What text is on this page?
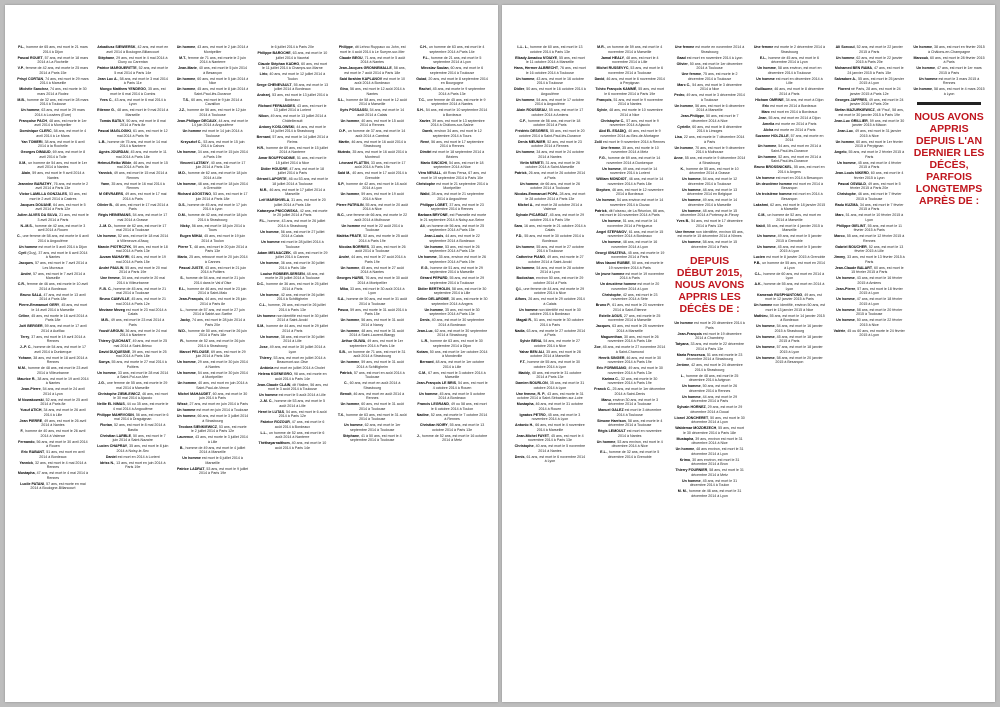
P.L., homme de 65 ans, est mort le 21 mars 2014 à Dijon
Pascal ROUET, 57 ans, est mort le 18 mars 2014 à La Rochelle
V.P., femme de 42 ans, est morte le 25 mars 2014 à Paris 15e
Prisyl CORTAN, 74 ans, est mort le 29 mars 2014 à Marseille
Michèle Sanchez, 74 ans, est morte le 30 mars 2014 à Rodez
M.B., homme de 32 ans, est mort le 28 mars 2014 à Toulouse
Un homme, 63 ans, est mort le 29 mars 2014 à Louviers (Eure)
Françoise PACH, 48 ans, est morte le 1er avril 2014 à Montpellier
Dominique CLERC, 58 ans, est mort le 4 avril 2014 à Le Mans
Yan TOMERI, 38 ans, est mort le 6 avril 2014 à la Rochelle
Georges DIMAUD, 69 ans, est mort le 8 avril 2014 à Tulle
X.M., un homme de 54 ans, est mort le 1er avril 2014 à Nantes
Alain, 59 ans, est mort le 9 avril 2014 à Nantes
Jeannine BARATHY, 76 ans, est morte le 2 avril 2014 à Paris 13e
Victor LAMILLA GONZALES, 53 ans, est mort le 2 avril 2014 à Castres
Jacques DOUANE, 64 ans, est mort le 5 avril 2014 à Paris 12e
Julien ALVES DA SILVA, 21 ans, est mort le 3 avril 2014 à Paris
N.-M.S., homme de 42 ans, est mort le 3 avril 2014 à Rouen
C., une femme de 58 ans, est morte le 6 avril 2014 à Angoulême
Un homme est mort le 5 avril 2014 à Dijon
Cyril (Guy), 37 ans, est mort le 6 avril 2014 à Nantes
Jacques, 57 ans, est mort le 7 avril 2014 à Les Mureaux
André, 57 ans, est mort le 7 avril 2014 à Marseille
C.R., femme de 46 ans, est morte le 10 avril 2014 à Bordeaux
Bruno SALA, 47 ans, est mort le 13 avril 2014 à Paris 18e
Pierre-Emmanuel GERY, 45 ans, est mort le 14 avril 2014 à Marseille
Céline, 45 ans, est morte le 16 avril 2014 à Paris 18e
Joël BERGER, 59 ans, est mort le 17 avril 2014 à Aurillac
Terry, 37 ans, est mort le 19 avril 2014 à Rennes
J.-P. C., homme de 54 ans, est mort le 17 avril 2014 à Dunkerque
Yohann, 38 ans, est mort le 18 avril 2014 à Rennes
M.M., homme de 48 ans, est mort le 23 avril 2014 à Villeurbanne
Maurice R., 38 ans, est mort le 19 avril 2014 à Nantes
Jean-Pierre, 54 ans, est mort le 24 avril 2014 à Lyon
M Nowakowski, 52 ans, est mort le 25 avril 2014 à Paris 8e
Yusuf ATICH, 34 ans, est mort le 26 avril 2014 à Lille
Jean PIERRE, 49 ans, est mort le 26 avril 2014 à Nantes
F., homme de 40 ans, est mort le 26 avril 2014 à Valence
Fernando, 56 ans, est mort le 30 avril 2014 à Rouen
Eric RABANT, 51 ans, est mort en avril 2014 à Bordeaux
Yannick, 32 ans, est mort le 4 mai 2014 à Rennes
Mustapha, 47 ans, est mort le 4 mai 2014 à Rennes
Lucile PATANI, 57 ans, est morte en mai 2014 à Boulogne-Billancourt
Arkadiusz SIEWIERSK, 42 ans, est mort en avril 2014 à Boulogne-Billancourt
Stéphane, 29 ans, est mort le 4 mai 2014 à Cluny ou Carentan
Patrice MARGUERITTE, 52 ans, est mort le 5 mai 2014 à Paris 14e
Jean Luc A., 58 ans, est mort le 3 mai 2014 à Paris 11e
Mongo Matthew YENDEGO, 35 ans, est mort le 6 mai 2014 à Combs
Yves C., 43 ans, est mort le 6 mai 2014 à Lyon
Etienne G., 48 ans, est mort le 9 mai 2014 à Marseille
Tomás BATILY, 50 ans, est mort le 8 mai 2014 à Paris 8e
Pascal MAGLOGIKI, 61 ans, est mort le 12 mai 2014 à Paris 9e
L.B., homme de 75 ans, est mort le 14 mai 2014 à Nanterre
Agnès JOURDAN, 45 ans, est morte le 11 mai 2014 à Paris 18e
Helmut-Reiko Wilde, 46 ans, est mort le 15 mai 2014 à Paris 8e
Yannick, 49 ans, est mort le 15 mai 2014 à Rennes
Yann, 35 ans, est mort le 16 mai 2014 à Rennes
M GEVRAERS, 49 ans, est mort le 17 mai 2014 à Paris
Olivier B., 46 ans, est mort le 17 mai 2014 à Paris
Régis HEINEMANS, 54 ans, est mort le 17 mai 2014 à Grasse
J.-M. D., homme de 62 ans, est mort le 17 mai 2014 à Toulouse
Un homme, 52 ans, est mort le 18 mai 2014 à Villeneuve-d'Ascq
Marcin PIOTRCZYK, 59 ans, est mort le 18 mai 2014 à Paris 13e
Azzam MAHAYIRI, 61 ans, est mort le 19 mai 2014 à Paris 15e
André PAULIN, 55 ans, est mort le 20 mai 2014 à Paris 19e
Une femme, 34 ans, est morte le 20 mai 2014 à Villeurbanne
F.-B. C., homme de 45 ans, est mort le 21 mai 2014 à Toulouse
Bruno CAMVILLE, 45 ans, est mort le 21 mai 2014 à Paris 12e
Meziane Mezeg est mort le 23 mai 2014 à Calais
M.B., 49 ans, est mort le 23 mai 2014 à Paris
Yousif AROUN, 36 ans, est mort le 24 mai 2014 à Nanterre
Thierry QUICHANT, 49 ans, est mort le 25 mai 2014 à Saint-Brieuc
David DUQUESNE, 39 ans, est mort le 25 mai 2014 à Paris 18e
Sonya, 55 ans, est morte le 27 mai 2014 à Poitiers
Un homme, 33 ans, est mort le 28 mai 2014 à Saint-Pol-sur-Mer
J.G., une femme de 55 ans, est morte le 29 mai 2014 à Marseille
Christophe ZIEMLEWICZ, 46 ans, est mort le 30 mai 2014 à Ajaccio
Nellie EL NIMAS, 44 ou 35 ans, est morte le 4 mai 2014 à Angoulême
Philippe MAHRVOSIN, 56 ans, est mort le 6 mai 2014 à Draguignan
Florian, 52 ans, est mort le 8 mai 2014 à Bastia
Christian LARBLE, 50 ans, est mort le 7 juin 2014 à Saint-Nazaire
Lucien CHAPRAY, 35 ans, est mort le 8 juin 2014 à Noisy-le-Sec
Daniel est mort en 2014 à Lorient
Idriss N., 13 ans, est mort en juin 2014 à Paris 19e
Un homme, 43 ans, est mort le 2 juin 2014 à Montpellier
M.T., femme de 71 ans, est morte le 2 juin 2014 à Nanterre
Jean-Marie, 40 ans, est mort le 5 juin 2014 à Besançon
Un homme, 60 ans, est mort le 5 juin 2014 à Nice
Un homme, 45 ans, est mort le 8 juin 2014 à Saint-Paul-lès-Durance
T.S., 60 ans, est mort le 9 juin 2014 à Cavaillon
J.Z., homme de 56 ans, est mort le 12 juin 2014 à Toulouse
Jean-Philippe DECAUX, 44 ans, est mort le 14 juin 2014 à Angoulême
Un homme est mort le 14 juin 2014 à Toulouse
Krzysztof C., 53 ans, est mort le 15 juin 2014 à Cahors
Un homme, 34 ans, est mort le 15 juin 2014 à Paris 19e
Vincent LATSKIY, 40 ans, est mort le 17 juin 2014 à Paris 13e
M.D., homme de 62 ans, est mort le 18 juin 2014 à Lille
Un homme, 48 ans, est mort le 18 juin 2014 à Grenoble
Richard AGOSTINO, 53 ans, est mort le 17 juin 2014 à Paris 18e
D.S., homme de 45 ans, est mort le 17 juin 2014 à Lyon
D.M., homme de 42 ans, est mort le 18 juin 2014 à Strasbourg
Nicky, 56 ans, est mort le 18 juin 2014 à Tours
Eugen MIHAI, 45 ans, est mort le 19 juin 2014 à Toulon
Pierre T., 48 ans, est mort le 20 juin 2014 à Paris 13e
Mario, 25 ans, retrouvé mort le 20 juin 2014 à Cannes
Pascal JUSTE, 43 ans, est mort le 21 juin 2014 à Poitiers
S., homme de 54 ans, est mort le 21 juin 2014 dans le Val d'Oise
E.L., homme de 46 ans, est mort le 23 juin 2014 à Saint-Malo
Jean-François, 44 ans, est mort le 25 juin 2014 à Paris 8e
L., homme de 57 ans, est mort le 27 juin 2014 à Sablé-sur-Sarthe
Jacky, 74 ans, est mort le 28 juin 2014 à Paris 20e
W.D., homme de 50 ans, est mort le 26 juin 2014 à Paris 18e
R., homme de 52 ans, est mort le 26 juin 2014 à Strasbourg
Marcel PELOUSE, 69 ans, est mort le 29 juin 2014 à Paris 18e
Un homme, 29 ans, est mort le 30 juin 2014 à Nantes
Un homme, 54 ans, est mort le 30 juin 2014 à Montpellier
Un homme, 40 ans, est mort en juin 2014 à Saint-Paul-de-Vence
Michel MAHAUDET, 60 ans, est mort le 30 juin 2014 à Paris
Wissé, 27 ans, est mort en juin 2014 à Paris
Un homme est mort en juin 2014 à Toulouse
Un homme, 66 ans, est mort le 3 juillet 2014 à Strasbourg
Teodora SIENKIEWICZ, 53 ans, est morte le 2 juillet 2014 à Paris 12e
Laurence, 43 ans, est morte le 3 juillet 2014 à Lille
B., homme de 49 ans, est mort le 4 juillet 2014 à Marseille
Un homme est mort le 6 juillet 2014 à Marseille
Patrice LADRAT, 53 ans, est mort le 9 juillet 2014 à Paris 19e
le 6 juillet 2014 à Paris 20e
Philippe BAROCHE, 63 ans, est mort le 10 juillet 2014 à Vauréal
Claude Stéphan KADHO, 60 ans, est mort le 11 juillet 2014 à Champs-sur-Marne
Lirio, 40 ans, est mort le 12 juillet 2014 à Toulon
Serge CHENEVAULT, 55 ans, est mort le 13 juillet 2014 à Bordeaux
Andrzej, 53 ans, est mort le 13 juillet 2014 à Bordeaux
Richard FERNANDES, 43 ans, est mort le 13 juillet 2014 à Lorient
Nikon, 49 ans, est mort le 13 juillet 2014 à Châtellerault
Antony KOSLOWSKI, 44 ans, est mort le 14 juillet 2014 à Strasbourg
Bernard, 57 ans, est mort le 14 juillet 2014 à Reims
H.R., homme de 69 ans, est mort le 15 juillet 2014 à Nanterre
Amar BOUFFOUDINE, 51 ans, est mort le 15 juillet 2014 à Nice
Didier HOUDRE, 47 ans, est mort le 18 juillet 2014 à Paris
Gérard LAPORTE, 46 ou 53 ans, est mort le 18 juillet 2014 à Toulouse
M.R., 46 ans, est mort le 17 juillet 2014 à Marseille
Leif MARSHVELA, 31 ans, est mort le 20 juillet 2014 à Paris 18e
Katarzyna PNICOWSKA, 42 ans, est morte le 20 juillet 2014 à Paris
F.L., homme, 43 ans, est mort le 26 juillet 2014 à Strasbourg
Un homme, 56 ans, est mort le 27 juillet 2014 à Calais
Un homme est mort le 28 juillet 2014 à Toulouse
Adam MELNACZEK, 45 ans, est mort le 29 juillet 2014 à Cannes
Un homme, 36 ans, est mort le 30 juillet 2014 à Paris 18e
Louise ROBBER-SERSEN, 48 ans, est morte le 25 juillet 2014 à Toulouse
D.C., homme de 36 ans, est mort le 25 juillet 2014 à Paris
Un homme, 42 ans, est mort le 26 juillet 2014 à Schiltigheim
C.L., homme, 26 ans, est mort le 26 juillet 2014 à Paris 13e
Un homme non identifié est mort le 30 juillet 2014 à Saint-Avold
S.M., homme de 44 ans, est mort le 29 juillet 2014 à Paris
Un homme, 38 ans, est mort le 30 juillet 2014 à Lille
Jose, 49 ans, est mort le 30 juillet 2014 à Lyon
Thierry, 53 ans, est mort en juillet 2014 à Beaumont-sur-Oise
Antónia est mort en juillet 2014 à Cholet
Helena KOENEGRO, 98 ans, est morte en août 2014 à Paris 14e
Jean-Claude CLAIN, dit l'Italien, 56 ans, est mort le 3 août 2014 à Toulouse
Un homme est mort le 5 août 2014 à Lille
J.-M. C., homme de 53 ans, est mort le 5 août 2014 à Lille
Henri le LUTAS, 54 ans, est mort le 6 août 2014 à Paris 12e
Fabrice ROZOUR, 47 ans, est mort le 6 août 2014 à Bordeaux
L.L., un homme de 52 ans, est mort le 6 août 2014 à Nanterre
Théthayarnalthom, 40 ans, est mort le 10 août 2014 à Paris 14e
Philippe, dit Lehno Ruppaux ou John, est mort le 4 août 2014 à Le Sueyre-sur-Mer
Claude BEGU, 71 ans, est mort le 5 août 2014 à Nantes
Jean-Jacques GRONNEMALLE, 58 ans, est mort le 7 août 2014 à Paris 18e
Said Ibrahim KAPLANOV est mort le 10 août 2014 à Bordeaux
Gino, 56 ans, est mort le 12 août 2014 à Nantes
S.L., homme de 58 ans, est mort le 12 août 2014 à Marseille
Ilyès POSSASSI, 54 ans, est mort le 14 août 2014 à Calais
Un homme, 40 ans, est mort le 15 août 2014 à Rennes
D.P., un homme de 37 ans, est mort le 14 août 2014 à Cambrai
Martin, 46 ans, est mort le 16 août 2014 à Strasbourg
Mutedo, 35 ans, est mort le 16 août 2014 à Montreuil
Léonard FLATTIN, 33 ans, est mort le 17 août 2014 à Paris 19e
Saïd M., 40 ans, est mort le 17 août 2014 à Grenoble
S.P., homme de 42 ans, est mort le 18 août 2014 à Lyon
Un homme, 59 ans, est mort le 19 août 2014 à Nice
Pierre PATRILIN, 55 ans, est mort le 20 août 2014 à Nice
B.C., une femme de 66 ans, est morte le 22 août 2014 à Mulhouse
Un homme est mort le 22 août 2014 à Toulouse
Maléka FRATE, 52 ans, est morte le 25 août 2014 à Paris 19e
Nicolas BORRIES, 33 ans, est mort le 26 août 2014 à Toulouse
André, 44 ans, est mort le 27 août 2014 à Paris 19e
Un homme, 45 ans, est mort le 27 août 2014 à Nantes
Georges HARIS, 76 ans, est mort le 30 août 2014 à Montpellier
Mika, 33 ans, est mort le 30 août 2014 à Lyon
S.A., homme de 50 ans, est mort le 31 août 2014 à Toulouse
Pasca, 59 ans, est morte le 31 août 2014 à Paris 15e
Un homme, 56 ans, est mort le 31 août 2014 à Nancy
Un homme, 48 ans, est mort le 31 août 2014 à Saint-Laurent-Blangy
Arthur GLIWA, 49 ans, est mort le 1er septembre 2014 à Paris 14e
S.B., un homme de 71 ans, est mort le 31 août 2014 à Strasbourg
Un homme, 59 ans, est mort le 31 août 2014 à Schiltigheim
Patrick, 57 ans, est mort en août 2014 à Toulouse
C., 60 ans, est mort en août 2014 à Strasbourg
Benoit, 46 ans, est mort en août 2014 à Rennes
Un homme, 60 ans, est mort le 31 août 2014 à Toulouse
T.X., homme de 63 ans, est mort le 31 août 2014 à Toulouse
Un homme, 62 ans, est mort le 1er septembre 2014 à Toulouse
Stéphane, 41 à 50 ans, est mort le 4 septembre 2014 à Toulouse
C.H., un homme de 63 ans, est mort le 4 septembre 2014 à Paris 14e
F.L., homme de 21 ans, est mort le 5 septembre 2014 à Lyon
Miroslav Soulan, 60 ans, est mort le 6 septembre 2014 à Toulouse
Guiad, 20 ans, est mort le 8 septembre 2014 en Bourgogne
Rachel, 45 ans, est morte le 9 septembre 2014 à Paris 13e
T.C., une femme de 45 ans, est morte le 9 septembre 2014 à Nantes
S.H., 54 ans, est mort le 10 septembre 2014 à Bordeaux
Xavier, 39 ans, est mort le 13 septembre 2014 à Châlons-sur-Saône
Darek, environ 34 ans, est mort le 12 septembre 2014 à Tours
René, 56 ans, est mort le 17 septembre 2014 à Rennes
Dimitri est mort le 18 septembre 2014 à Béziers
Mario SINCICHI, 54 ans, est mort le 18 septembre 2014 à Nice
Véra NEVALL, dit Ross Fersa, 67 ans, est mort le 19 septembre 2014 à Paris 10e
Christophe est mort le 21 septembre 2014 à Montpellier
Walid, 28 ans, est mort le 21 septembre 2014 à Angoulême
Philippe LOBET, 37 ans, est mort le 23 septembre 2014 à Rennes
Barbara BRYONE, est Pasmelle est morte le 21 septembre 2014 à Noisy-sur-Seine
Ali, un homme de 56 ans, est mort le 25 septembre 2014 à Paris 15e
Jean-Louis, 44 ans, est mort le 22 septembre 2014 à Bordeaux
Un homme, 53 ans, est mort le 26 septembre 2014 à Paris 13e
Un homme, 35 ans, environ est mort le 26 septembre 2014 à Paris 19e
E.G., homme de 51 ans, est mort le 29 septembre 2014 à Marseille
Gérard PEPARD, 55 ans, est mort le 29 septembre 2014 à Toulouse
Didier BERTHOLIN, 58 ans, est mort le 30 septembre 2014 à Lille
Céline DELAROME, 36 ans, est morte le 30 septembre 2014 à Angers
Un homme, 35 ans, est mort le 30 septembre 2014 à Paris 13e
Denis, 40 ans, est mort le 30 septembre 2014 à Bordeaux
Jean-Luc, 62 ans, est mort le 30 septembre 2014 à Strasbourg
L.R., homme de 63 ans, est mort le 30 septembre 2014 à Dijon
Kotam, 50 ans, est mort le 1er octobre 2014 à Mondeville
Bernard, 48 ans, est mort le 1er octobre 2014 à Lille
C.M., 67 ans, est mort le 3 octobre 2014 à Marseille
Jean-François LE BRIS, 54 ans, est mort le 4 octobre 2014 à Rouen
Un homme, 45 ans, est mort le 5 octobre 2014 à Bordeaux
Francis LEGRAND, 49 ou 58 ans, est mort le 6 octobre 2014 à Toulon
Nadine, 52 ans, est morte le 7 octobre 2014 à Rennes
Christian NOIRY, 55 ans, est mort le 13 octobre 2014 à Paris 13e
J., homme de 52 ans, est mort le 16 octobre 2014 à Metz
I.-L. L., homme de 60 ans, est mort le 13 octobre 2014 à Paris 13e
Elkady Amadou N'DIAYE, 55 ans, est mort le 11 octobre 2014 à Marseille
Hans, Hermer ALBRECHT, 76 ans, est mort le 16 octobre 2014 à Toulouse
Un homme, 43 ans, est mort le 16 octobre 2014 à Toulouse
Didier, 50 ans, est mort le 16 octobre 2014 à Angoulême
Un homme, 54 ans, est mort le 17 octobre 2014 à Angoulême
Alain ROUSSEAU, 55 ans, est mort le 17 octobre 2014 à Amiens
C.F., homme de 56 ans, est mort le 18 octobre 2014 à Paris
Frédéric DESGRES, 55 ans, est mort le 20 octobre 2014 à Saint-Paul-lès-Durance
Denis MEUNIER, 52 ans, est mort le 23 octobre 2014 à Rennes
Un homme, 34 ans, est mort le 24 octobre 2014 à Nantes
Virtin NEMETI, 31 ans, est mort le 26 octobre 2014 à Saint-Marseille
Patrick, 26 ans, est mort le 26 octobre 2014 à Paris
Un homme, de 66 ans, est mort le 26 octobre 2014 à Toulouse
Nicolas-Emmanuel POPA, 28 ans, est mort le 28 octobre 2014 à Paris 13e
Michel A., est mort le 28 octobre 2014 à Valence
Sylvain PICARDAT, 45 ans, est mort le 29 octobre 2014 à Paris 19e
Sara, 16 ans, est morte le 21 octobre 2014 à Calais
F.D., 55 ans, est mort le 30 octobre 2014 à Bordeaux
Un homme, 55 ans, est mort le 27 octobre 2014 à Toulouse
Catherine PIANG, 49 ans, est morte le 27 octobre 2014 à Saint-Avold
Un homme, 54 ans, est mort le 28 octobre 2014 à Lyon
Bodoshan, environ 50 ans, est mort le 29 octobre 2014 à Paris
Q.I., une femme de 44 ans, est morte le 29 octobre 2014 à Nice
Alfons, 26 ans, est mort le 29 octobre 2014 à Calais
Un homme non identifié est mort le 30 octobre 2014 à Bordeaux
Magali R., 51 ans, est morte le 30 octobre 2014 à Paris
Nadia, 63 ans, est morte le 27 octobre 2014 à Paris
Sylvie BENA, 54 ans, est morte le 27 octobre 2014 à Nice
Yahar BEN ALI, 35 ans, est mort le 28 octobre 2014 à Marseille
F.T., homme de 55 ans, est mort le 30 octobre 2014 à Lyon
Maddy, 40 ans, est morte le 31 octobre 2014 à Paris 13e
Damien BOURLON, 35 ans, est mort le 31 octobre 2014 à Lyon
Une femme, R. P., 43 ans, est morte le 31 octobre 2014 à Saint-Sébastien-sur-Loire
Mustapha, 46 ans, est mort le 31 octobre 2014 à Rouen
Ignatos PETRO, 45 ans, est mort le 3 novembre 2014 à Lyon
Antonio H., 66 ans, est mort le 4 novembre 2014 à Marseille
Jean-Michel FAYET, 45 ans, est mort le 4 novembre 2014 à Paris 13e
Christophe, 40 ans, est mort le 5 novembre 2014 à Nantes
Denis, 61 ans, est mort le 6 novembre 2014 à Lyon
M.R., un homme de 59 ans, est mort le 4 novembre 2014 à Marseille
Jamal HEALY, 48 ans, est mort le 4 novembre 2014 à Lille
Michel RUSSEVYC, 53 ans, est mort le 6 novembre 2014 à Toulouse
David, 46 ans, est mort le 6 novembre 2014 à Perpignan
Tchéo François KAMMÉ, 55 ans, est mort le 6 novembre 2014 à Paris 19e
François, 51 ans, est mort le 9 novembre 2014 à Nantes
Sylvie, 48 ans, est morte le 10 novembre 2014 à Nice
Christophe C., 57 ans, est mort le 9 novembre 2014 à Ajaccio
Abd EL ESADIQ, 40 ans, est mort le 9 novembre 2014 au Bec-de-Mortagne
Zolil est mort le 9 novembre 2014 à Rennes
Une femme, 35 ans, est morte le 10 novembre 2014 à Metz
F.G., homme de 69 ans, est mort le 14 novembre 2014 à Dunkerque
Un homme, 49 ans, est mort le 14 novembre 2014 à Lorient
William MONDIOT, 46 ans, est mort le 14 novembre 2014 à Paris 18e
Stephen, 46 ans, est mort le 12 novembre 2014 à Bordeaux
Un homme, 54 ans environ est mort le 14 novembre 2014 à Cluzac
Patrick, dit l'oiseau, de La Réunion, 66 ans, est mort le 16 novembre 2014 à Paris
Un homme, 51 ans, est mort le 14 novembre 2014 à Périgueux
Angel STEPANOV, 61 ans, est mort le 15 novembre 2014 à Bordeaux
Un homme, 48 ans, est mort le 16 novembre 2014 à Lyon
Georgi IGNATEVA, 45 ans, est morte le 19 novembre 2014 à Paris
Miss Naomi RUBBE, 50 ans, est morte le 19 novembre 2014 à Paris
Un jeune homme est mort le 19 novembre 2014 à Paris
Un deuxième homme est mort le 20 novembre 2014 à Lyon
Christophe, 42 ans, est mort le 23 novembre 2014 à Sète
Bruno P., 61 ans, est mort le 23 novembre 2014 à Saint-Étienne
Estelle AGUS, 27 ans, est morte le 25 novembre 2014 à Marseille
Jacques, 63 ans, est mort le 25 novembre 2014 à Marseille
Maguenthan, 30 ans, est mort le 26 novembre 2014 à Paris 18e
Zoe, 45 ans, est morte le 27 novembre 2014 à Saint-Chamond
Henrik SINGER, 46 ans, est mort le 30 novembre 2014 à Paris 19e
Eric FORMISANO, 49 ans, est mort le 30 novembre 2014 à Paris 13e
Karima C., 32 ans, est morte le 30 novembre 2014 à Paris 19e
Franck C., 25 ans, est mort le 1er décembre 2014 à Saint-Denis
Manu, environ 30 ans, est mort le 3 décembre 2014 à Toulouse
Manuel GALEZ est mort le 3 décembre 2014 à Toulouse
Simone Harrison, 58 ans, est morte le 4 décembre 2014 à Toulouse
Régis LEMOULT est mort en novembre 2014 à Nantes
Un homme, 53 ans environ, est mort le 4 décembre 2014 à Nice
E.L., homme de 32 ans, est mort le 5 décembre 2014 à Grenoble
Une femme est morte en novembre 2014 à Strasbourg
Gaad est mort en novembre 2014 à Lyon
Olivier, 50 ans, est mort le 1er décembre 2014 à Toulouse
Une femme, 75 ans, est morte le 2 décembre 2014 à Toulouse
Marc C., 54 ans, est mort le 3 décembre 2014 à Nice
Pedro, 49 ans, est mort le 3 décembre 2014 à Toulouse
Un homme, 56 ans, est mort le 6 décembre 2014 à Marseille
Jean-Philippe, 50 ans, est mort le 7 décembre 2014 à Nice
Cyrielle, 60 ans, est mort le 8 décembre 2014 à Limoges
Lisa, 22 ans, est morte le 7 décembre 2014 à Paris
Un homme, 70 ans, est mort le 9 décembre 2014 à Mulhouse
Anne, 55 ans, est morte le 9 décembre 2014 à Strasbourg
K., homme de 55 ans, est mort le 10 décembre 2014 à Grasse
Un homme, 54 ans, est mort le 12 décembre 2014 à Toulouse
Un homme, 48 ans, est mort le 13 décembre 2014 en Belgique
Un homme, 49 ans, est mort le 14 décembre 2014 à Marseille
Un homme, 48 ans, est mort le 15 décembre 2014 à Porterwy-le-Fleury
Yves B., 54 ans, est mort le 17 décembre 2014 à Paris 13e
Une femme non identifiée, environ 65 ans, est morte le 15 décembre 2014 à Nîmes
Un homme, 58 ans, est mort le 15 décembre 2014 à Paris
DEPUIS DÉBUT 2015, NOUS AVONS APPRIS LES DÉCÈS DE :
Un homme est mort le 20 décembre 2014 à Paris
Jean-François est mort le 19 décembre 2014 à Chambéry
Tatyana, 33 ans, est morte le 22 décembre 2014 à Paris 13e
Maria Francesca, 51 ans est morte le 23 décembre 2014 à Strasbourg
Jerôme, 42 ans, est mort le 24 décembre 2014 à Strasbourg
L., homme de 48 ans, est mort le 25 décembre 2014 à Avignon
Un homme, 50 ans, est mort le 26 décembre 2014 à Rennes
Un homme, 44 ans, est mort le 29 décembre 2014 à Paris
Sylvain HORNEZ, 29 ans, est mort le 29 décembre 2014 à Douai
Lionel JONCHERET, 50 ans, est mort le 30 décembre 2014 à Lyon
Waldemar MOZDRZECH, 55 ans, est mort le 30 décembre 2014 à Paris 18e
Mustapha, 39 ans, environ est mort le 31 décembre 2014 à Nice
Un homme, 48 ans environ, est mort le 31 décembre 2014 à Lyon
Krimo, 30 ans environ, est mort le 31 décembre 2014 à Bron
Thierry FOURNIER, 58 ans, est mort le 31 décembre 2014 à Metz
Un homme, 45 ans, est mort le 31 décembre 2014 à Toulon
M. M., homme de 46 ans, est mort le 31 décembre 2014 à Lyon
Une femme est morte le 2 décembre 2014 à Strasbourg
E.L., homme de 45 ans, est mort le 6 décembre 2014 à Lyon
Un homme, 58 ans environ, est mort en décembre 2014 à Toulouse
Un homme est mort en décembre 2014 à Lille
Guillaume, 46 ans, est mort le 8 décembre 2014 à Paris
Hicham OMRINE, 34 ans, est mort à Dijon
Eric est mort en 2014 à Bordeaux
Marc est mort en 2014 à Bordeaux
Jean, 55 ans, est mort en 2014 à Dijon
Amelia est morte en 2014 à Paris
Aïcha est morte en 2014 à Paris
Suzanne HOLZILLE, 57 ans, est morte en 2014
Un homme, 54 ans, est mort en 2014 à Saint-Paul-lès-Durance
Un homme, 52 ans, est mort en 2014 à Saint-Paul-lès-Durance
Bruno BROSSNICKEL, 55 ans, est mort en 2014 à Angers
Un homme est mort en 2014 à Besançon
Un deuxième homme est mort en 2014 à Besançon
Un troisième homme est mort en 2014 à Besançon
Lakshmi, 62 ans, est mort le 18 janvier 2015 à Marseille
C.M., un homme de 52 ans, est mort en 2014 à Marseille
Nabil, 55 ans, est mort le 4 janvier 2015 à Marseille
Un homme, 49 ans, est mort le 5 janvier 2015 à Grenoble
Un homme, 45 ans, est mort le 5 janvier 2015 à Lyon
Lucien est mort le 8 janvier 2015 à Grenoble
P.B., un homme de 55 ans, est mort en 2014 à Lyon
C.L., homme de 60 ans, est mort en 2014 à Lyon
A.K., homme de 55 ans, est mort en 2014 à Lyon
Kamenah RUSPHANTONG, 49 ans, est mort le 12 janvier 2015 à Paris
Un homme non identifié, environ 50 ans, est mort le 13 janvier 2015 à Nice
Mathieu, 55 ans, est mort le 14 janvier 2015 à Bordeaux
Un homme, 54 ans, est mort le 16 janvier 2015 à Strasbourg
Un homme, 45 ans, est mort le 18 janvier 2015 à Paris
Un homme, 57 ans, est mort le 18 janvier 2015 à Lyon
Un homme, 58 ans, est mort le 20 janvier 2015 à Besançon
Ali Sorcoul, 52 ans, est mort le 22 janvier 2015 à Paris
Un homme, 62 ans, est mort le 22 janvier 2015 à Paris 20e
Mohamed BEN RAMA, 47 ans, est mort le 24 janvier 2015 à Paris 15e
Salvadore A., 55 ans, est mort le 25 janvier 2015 à Lyon
Florent né Paris, 28 ans, est mort le 24 janvier 2015 à Paris 12e
Georges JAFFRES, 49 ans, est mort le 24 janvier 2015 à Paris 20e
Stefan MAZURKIEWICZ, dit 'Paul', 58 ans, est mort le 30 janvier 2015 à Paris 19e
Jean-Luc GRILLIER, 59 ans, est mort le 30 janvier 2015 à Mâcon
Jean-Luc, 49 ans, est mort le 31 janvier 2015 à Nice
Un homme, 60 ans, est mort le 1er février 2015 à Perpignan
Angelo, 55 ans, est mort le 2 février 2015 à Paris
Un homme, 45 ans, est mort le 4 février 2015 à Paris
Jean-Louis NIKERD, 60 ans, est mort le 4 février 2015 à Lyon
Pascal OSWALD, 49 ans, est mort le 5 février 2015 à Paris 20e
Christophe, 46 ans, est mort le 7 février 2015 à Toulouse
Radu KUZMA, 34 ans, est mort le 7 février 2015 à Paris
Marc, 51 ans, est mort le 10 février 2015 à Lyon
Philippe GIELINT, 55 ans, est mort le 11 février 2015 à Paris
Marco, 55 ans, est mort le 12 février 2015 à Rennes
Gabriel BOUCHER, 52 ans, est mort le 13 février 2015 à Lille
Jimmy, 33 ans, est mort le 13 février 2015 à Paris
Jean-Claude BALART, 60 ans, est mort le 15 février 2015 à Paris
Un homme, 43 ans, est mort le 16 février 2015 à Amiens
Jean-Pierre, 57 ans, est mort le 18 février 2015 à Lyon
Un homme, 47 ans, est mort le 18 février 2015 à Lyon
Un homme, 58 ans, est mort le 20 février 2015 à Toulouse
Un homme, 50 ans, est mort le 22 février 2015 à Nice
Valérie, 45 ou 60 ans, est morte le 24 février 2015 à Lyon
Un homme, 38 ans, est mort en février 2015 à Châlons-en-Champagne
Marzouk, 60 ans, est mort le 28 février 2015 à Paris
Un homme, 47 ans, est mort le 1er mars 2015 à Paris
Un homme est mort le 3 mars 2015 à Rennes
Un homme, 58 ans, est mort le 4 mars 2015 à Lyon
NOUS AVONS APPRIS DEPUIS L'AN DERNIER LES DÉCÈS, PARFOIS LONGTEMPS APRÈS DE :
